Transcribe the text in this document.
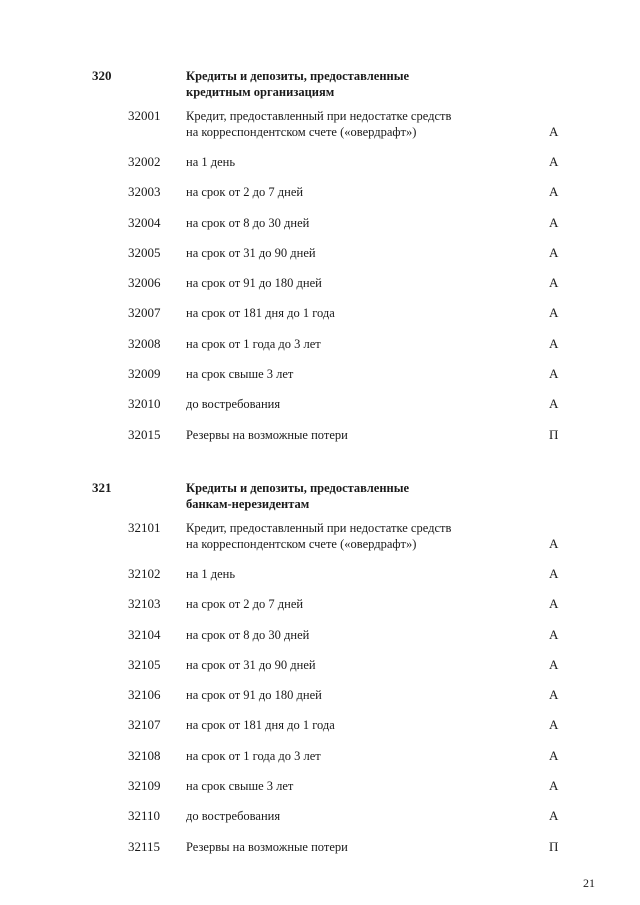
320	Кредиты и депозиты, предоставленные
кредитным организациям
32001 Кредит, предоставленный при недостатке средств
на корреспондентском счете («овердрафт»)	А
32002 на 1 день	А
32003 на срок от 2 до 7 дней	А
32004 на срок от 8 до 30 дней	А
32005 на срок от 31 до 90 дней	А
32006 на срок от 91 до 180 дней	А
32007 на срок от 181 дня до 1 года	А
32008 на срок от 1 года до 3 лет	А
32009 на срок свыше 3 лет	А
32010 до востребования	А
32015 Резервы на возможные потери	П
321	Кредиты и депозиты, предоставленные
банкам-нерезидентам
32101 Кредит, предоставленный при недостатке средств
на корреспондентском счете («овердрафт»)	А
32102 на 1 день	А
32103 на срок от 2 до 7 дней	А
32104 на срок от 8 до 30 дней	А
32105 на срок от 31 до 90 дней	А
32106 на срок от 91 до 180 дней	А
32107 на срок от 181 дня до 1 года	А
32108 на срок от 1 года до 3 лет	А
32109 на срок свыше 3 лет	А
32110 до востребования	А
32115 Резервы на возможные потери	П
21
